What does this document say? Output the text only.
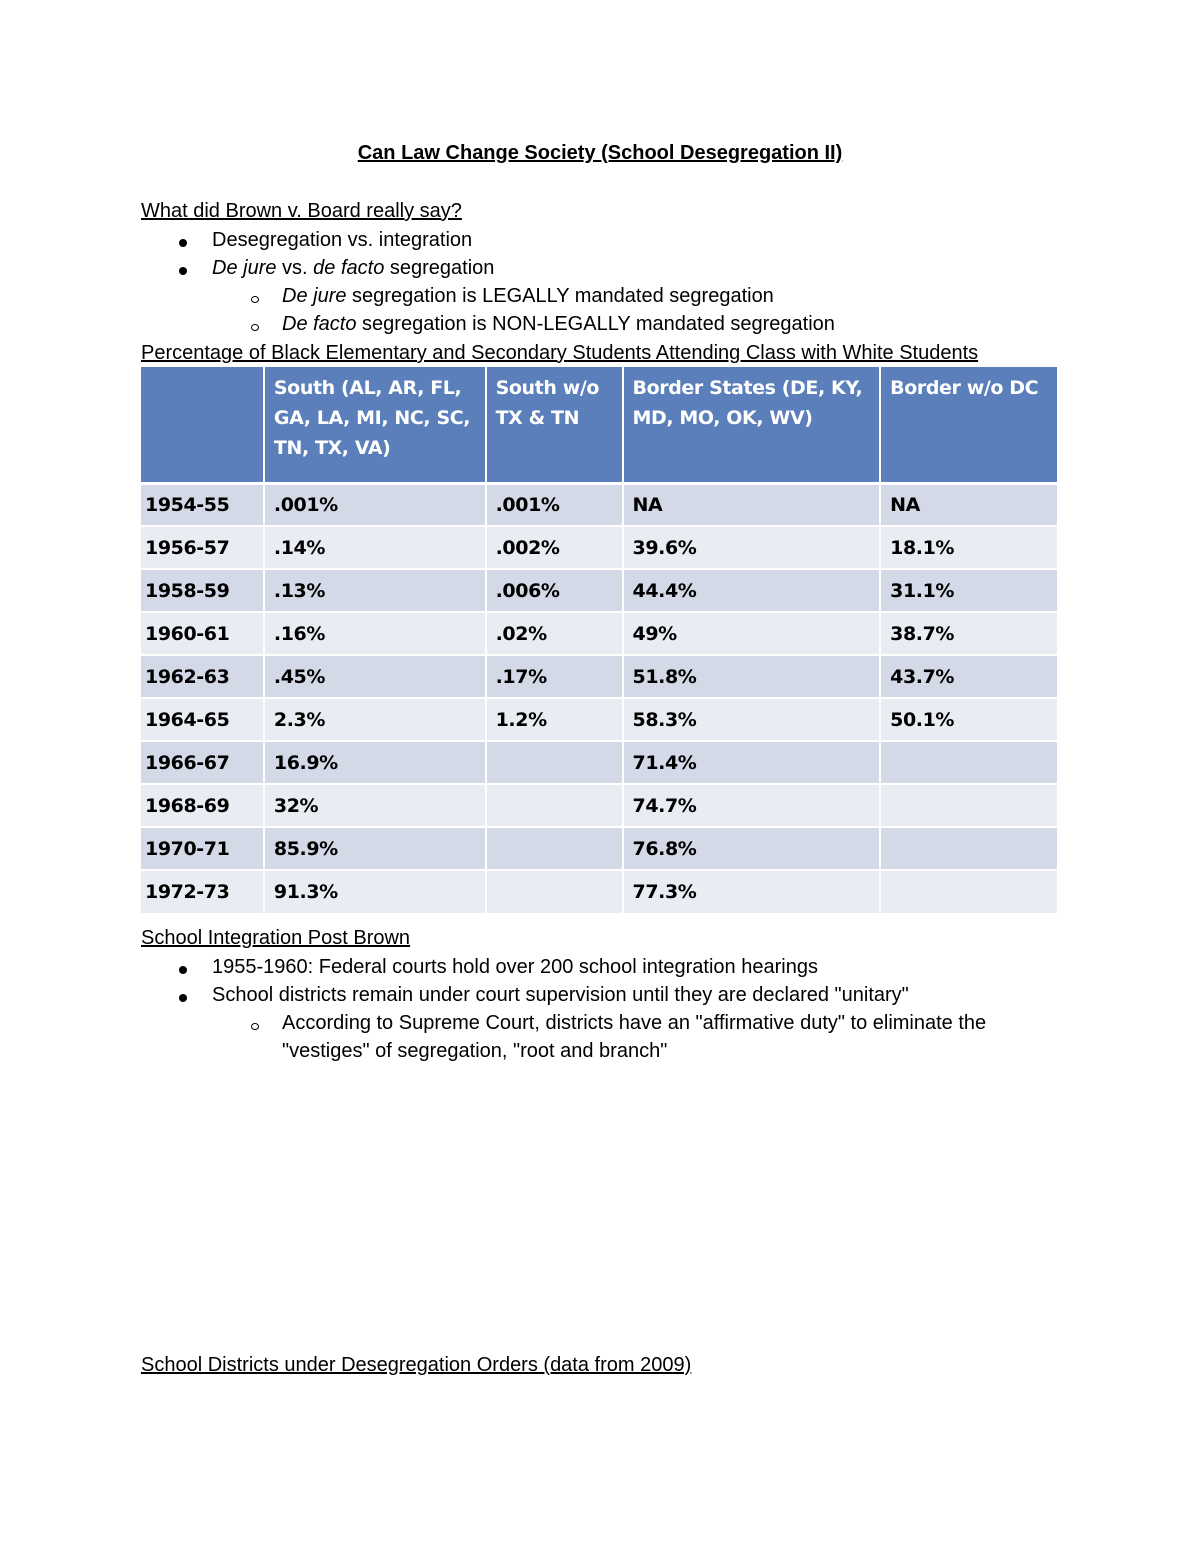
Can Law Change Society (School Desegregation II)
What did Brown v. Board really say?
Desegregation vs. integration
De jure vs. de facto segregation
De jure segregation is LEGALLY mandated segregation
De facto segregation is NON-LEGALLY mandated segregation
Percentage of Black Elementary and Secondary Students Attending Class with White Students
	South (AL, AR, FL, GA, LA, MI, NC, SC, TN, TX, VA)	South w/o TX & TN	Border States (DE, KY, MD, MO, OK, WV)	Border w/o DC
1954-55	.001%	.001%	NA	NA
1956-57	.14%	.002%	39.6%	18.1%
1958-59	.13%	.006%	44.4%	31.1%
1960-61	.16%	.02%	49%	38.7%
1962-63	.45%	.17%	51.8%	43.7%
1964-65	2.3%	1.2%	58.3%	50.1%
1966-67	16.9%		71.4%	
1968-69	32%		74.7%	
1970-71	85.9%		76.8%	
1972-73	91.3%		77.3%	
School Integration Post Brown
1955-1960: Federal courts hold over 200 school integration hearings
School districts remain under court supervision until they are declared "unitary"
According to Supreme Court, districts have an "affirmative duty" to eliminate the
"vestiges" of segregation, "root and branch"
School Districts under Desegregation Orders (data from 2009)
